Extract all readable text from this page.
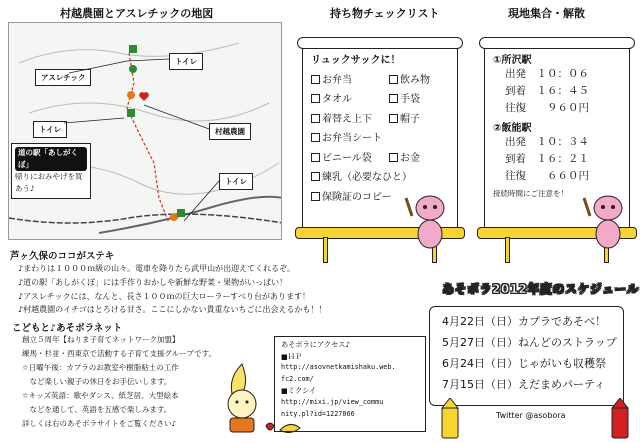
村越農園とアスレチックの地図
アスレチック
トイレ
トイレ	村越農園
トイレ
道の駅「あしがくぼ」
帰りにおみやげを買
あう♪
持ち物チェックリスト
リュックサックに！
お弁当	飲み物
タオル	手袋
着替え上下	帽子
お弁当シート
ビニール袋	お金
練乳（必要なひと）
保険証のコピー
現地集合・解散
①所沢駅
出発　１０：０６
到着　１６：４５
往復　　９６０円
②飯能駅
出発　１０：３４
到着　１６：２１
往復　　６６０円
接続時間にご注意を！
芦ヶ久保のココがステキ
♪まわりは１０００ｍ級の山々。電車を降りたら武甲山が出迎えてくれるぞ。
♪道の駅「あしがくぼ」には手作りおかしや新鮮な野菜・果物がいっぱい！
♪アスレチックには、なんと、長さ１００ｍの巨大ローラーすべり台があります！
♪村越農園のイチゴはとろける甘さ。ここにしかない貴重ないちごに出会えるかも！！
こどもと♪あそボラネット
創立５周年【ねりま子育てネットワーク加盟】
練馬・杉並・西東京で活動する子育て支援グループです。
☆日曜午後：カプラのお教室や樹脂粘土の工作
　など楽しい親子の休日をお手伝いします。
☆キッズ英語：歌やダンス、紙芝居、大型絵本
　などを通して、英語を五感で楽しみます。
詳しくは右のあそボラサイトをご覧ください♪
あそボラにアクセス♪
■ＨＰ
http://asovnetkamishaku.web.
fc2.com/
■ミクシイ
http://mixi.jp/view_commu
nity.pl?id=1227066
あそボラ2012年度のスケジュール
4月22日（日）カプラであそべ！
5月27日（日）ねんどのストラップ
6月24日（日）じゃがいも収穫祭
7月15日（日）えだまめパーティ
Twitter @asobora
